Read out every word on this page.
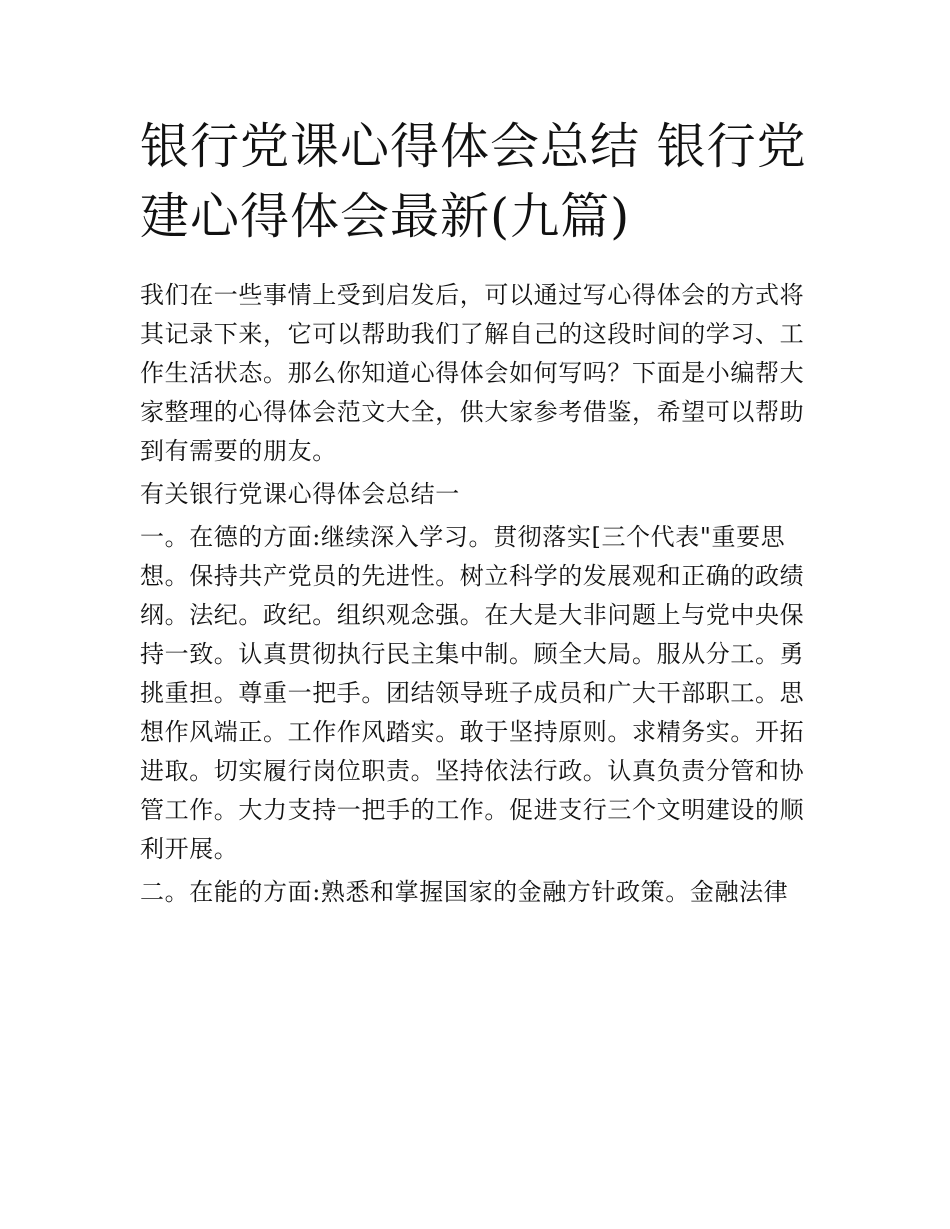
银行党课心得体会总结 银行党建心得体会最新(九篇)

我们在一些事情上受到启发后，可以通过写心得体会的方式将其记录下来，它可以帮助我们了解自己的这段时间的学习、工作生活状态。那么你知道心得体会如何写吗？下面是小编帮大家整理的心得体会范文大全，供大家参考借鉴，希望可以帮助到有需要的朋友。

有关银行党课心得体会总结一

一。在德的方面:继续深入学习。贯彻落实[三个代表"重要思想。保持共产党员的先进性。树立科学的发展观和正确的政绩纲。法纪。政纪。组织观念强。在大是大非问题上与党中央保持一致。认真贯彻执行民主集中制。顾全大局。服从分工。勇挑重担。尊重一把手。团结领导班子成员和广大干部职工。思想作风端正。工作作风踏实。敢于坚持原则。求精务实。开拓进取。切实履行岗位职责。坚持依法行政。认真负责分管和协管工作。大力支持一把手的工作。促进支行三个文明建设的顺利开展。

二。在能的方面:熟悉和掌握国家的金融方针政策。金融法律
